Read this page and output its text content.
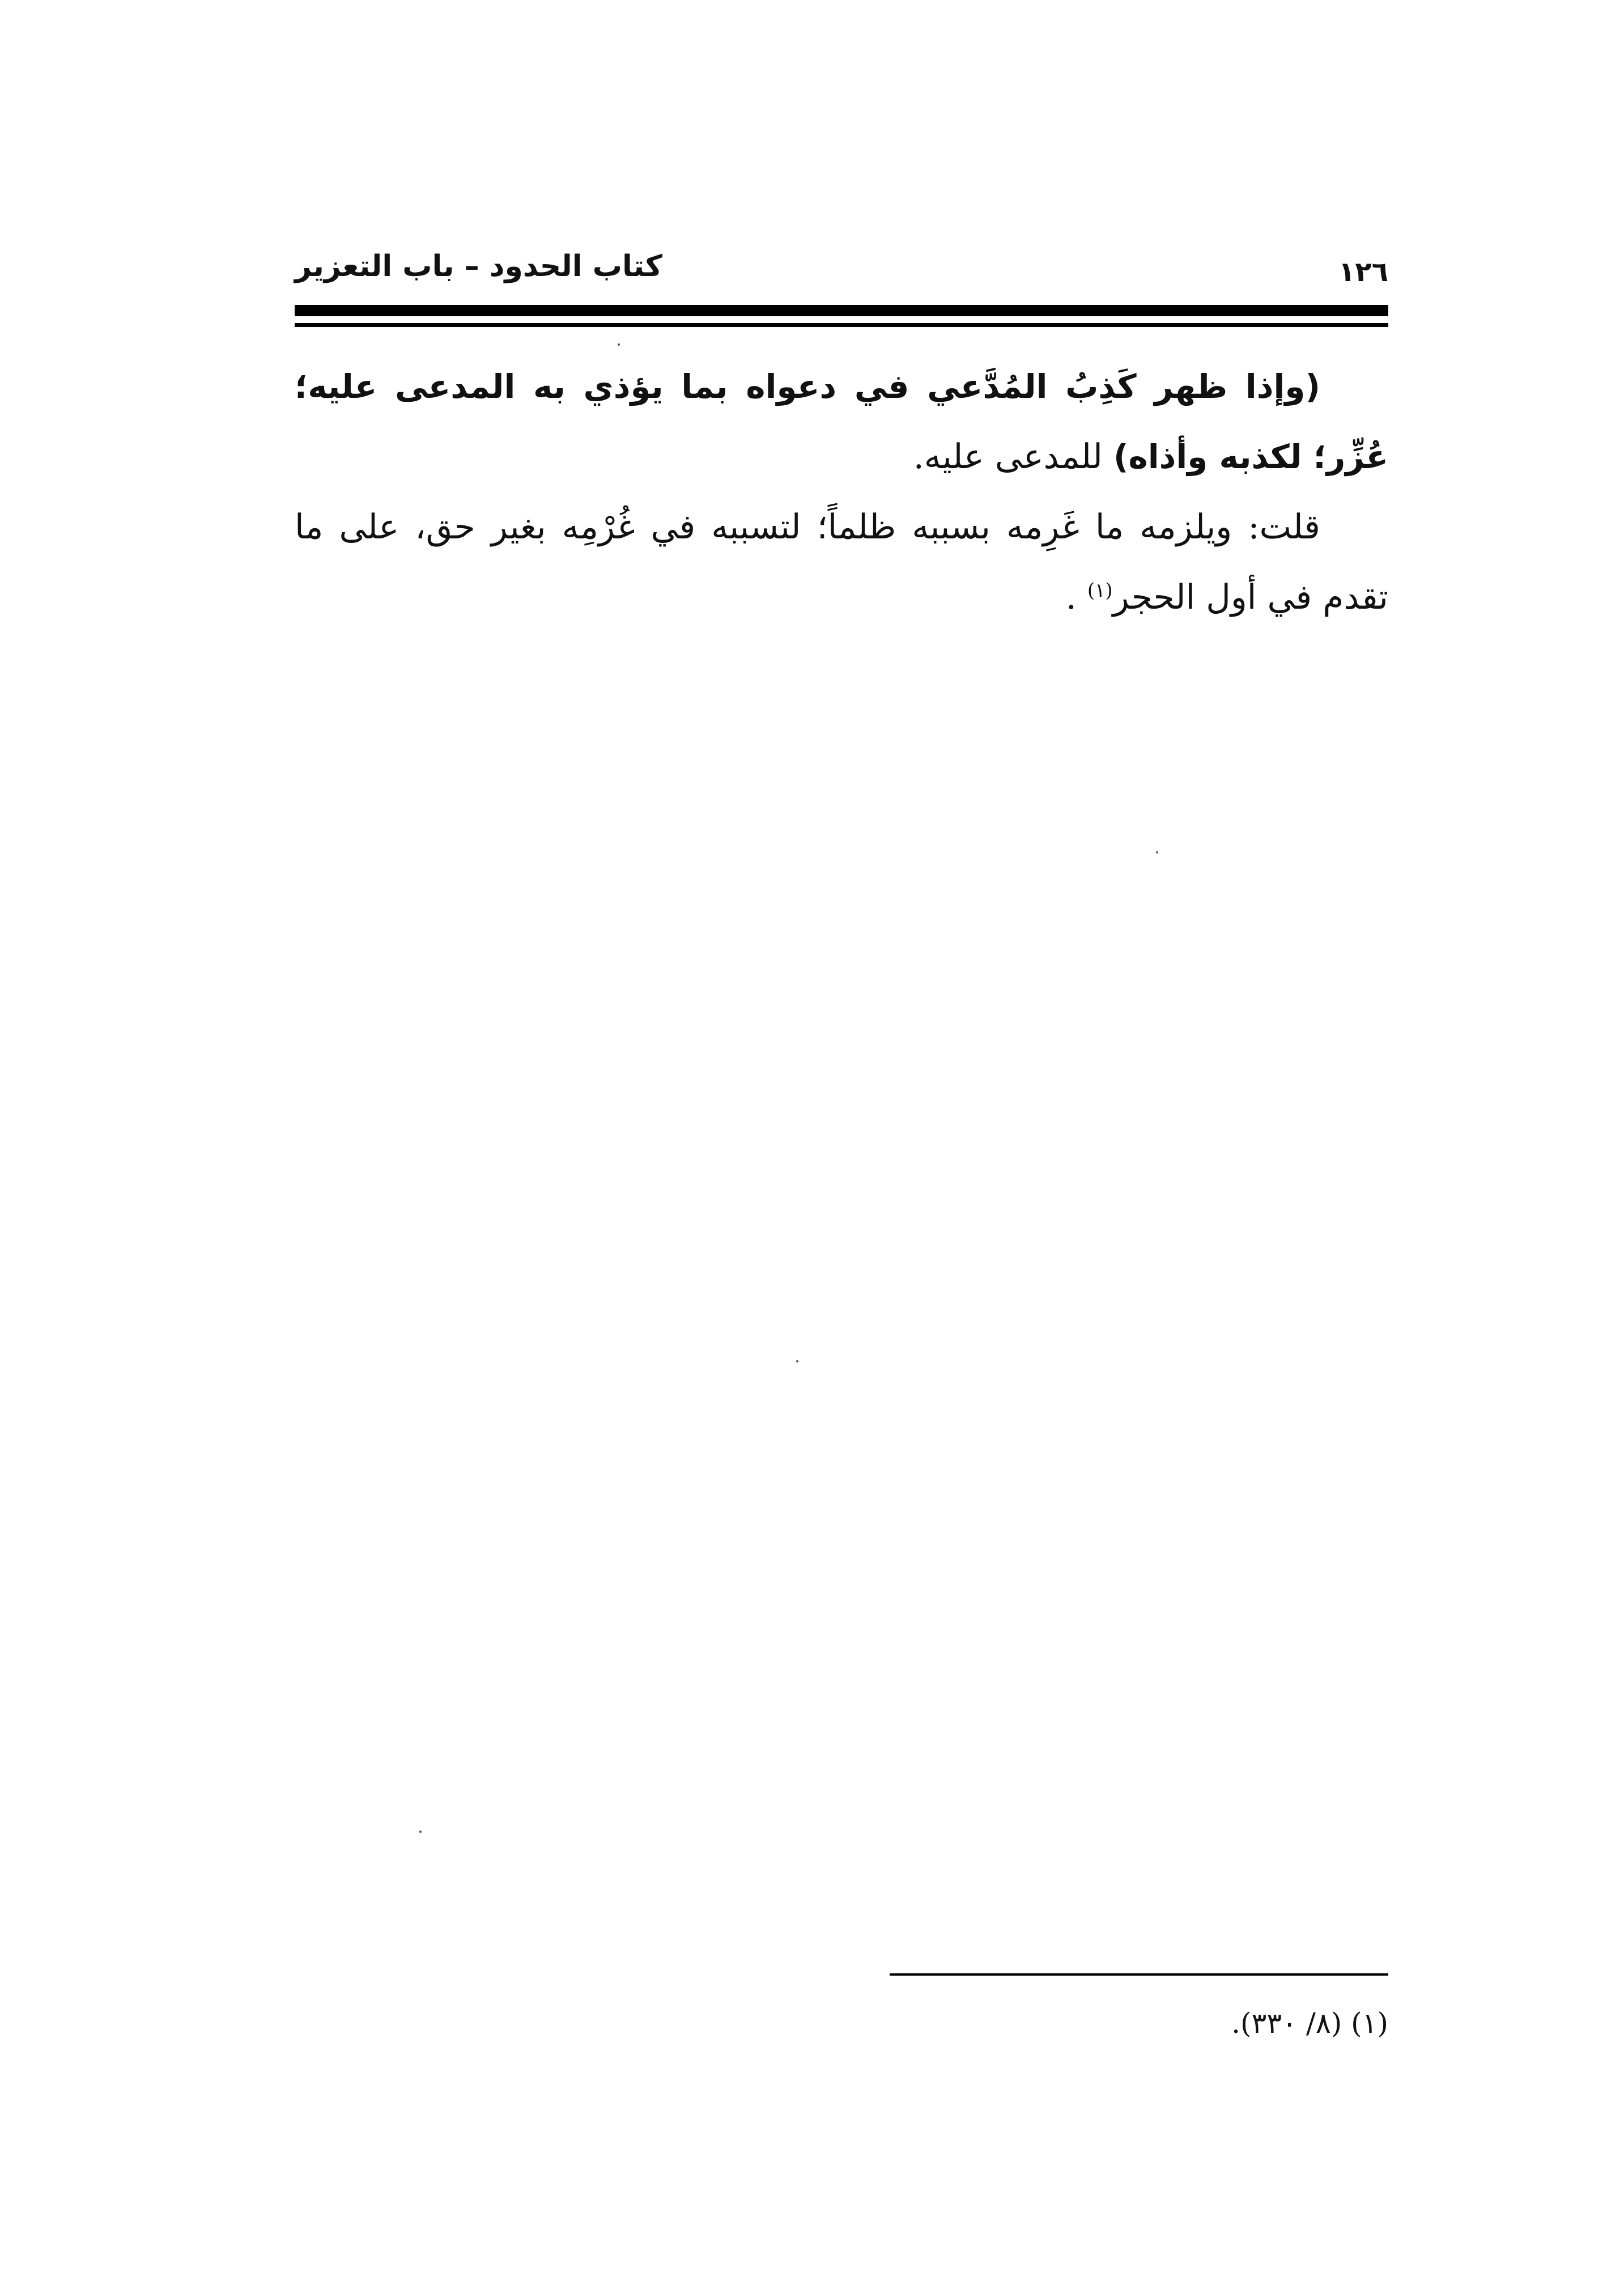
كتاب الحدود – باب التعزير	١٢٦

(وإذا ظهر كَذِبُ المُدَّعي في دعواه بما يؤذي به المدعى عليه؛ عُزِّر؛ لكذبه وأذاه) للمدعى عليه.

قلت: ويلزمه ما غَرِمه بسببه ظلماً؛ لتسببه في غُرْمِه بغير حق، على ما تقدم في أول الحجر$^{(١)}$ .

(١) (٨/ ٣٣٠).
